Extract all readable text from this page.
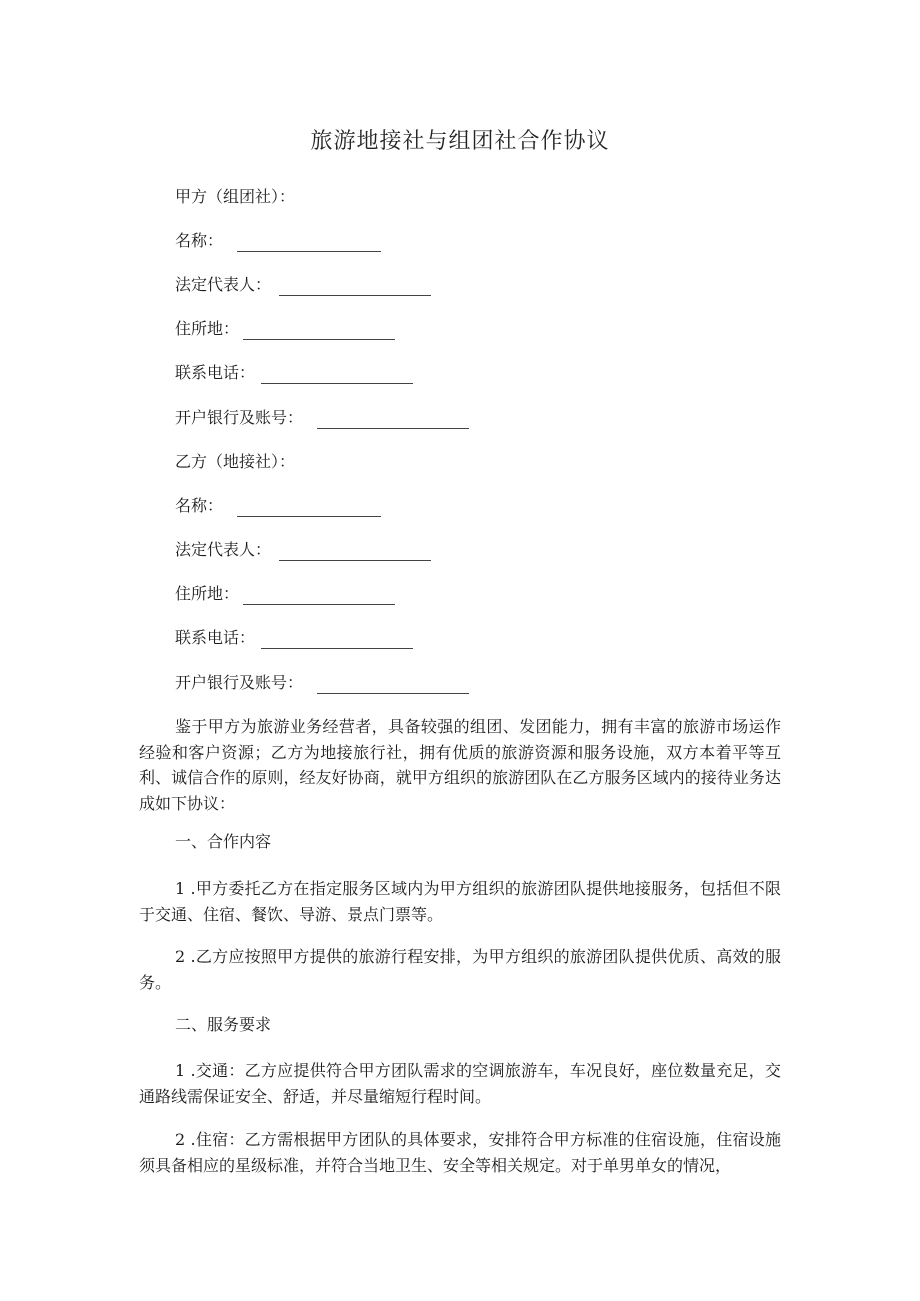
旅游地接社与组团社合作协议
甲方（组团社）：
名称：
法定代表人：
住所地：
联系电话：
开户银行及账号：
乙方（地接社）：
名称：
法定代表人：
住所地：
联系电话：
开户银行及账号：
鉴于甲方为旅游业务经营者，具备较强的组团、发团能力，拥有丰富的旅游市场运作经验和客户资源；乙方为地接旅行社，拥有优质的旅游资源和服务设施，双方本着平等互利、诚信合作的原则，经友好协商，就甲方组织的旅游团队在乙方服务区域内的接待业务达成如下协议：
一、合作内容
1 .甲方委托乙方在指定服务区域内为甲方组织的旅游团队提供地接服务，包括但不限于交通、住宿、餐饮、导游、景点门票等。
2 .乙方应按照甲方提供的旅游行程安排，为甲方组织的旅游团队提供优质、高效的服务。
二、服务要求
1 .交通：乙方应提供符合甲方团队需求的空调旅游车，车况良好，座位数量充足，交通路线需保证安全、舒适，并尽量缩短行程时间。
2 .住宿：乙方需根据甲方团队的具体要求，安排符合甲方标准的住宿设施，住宿设施须具备相应的星级标准，并符合当地卫生、安全等相关规定。对于单男单女的情况，
